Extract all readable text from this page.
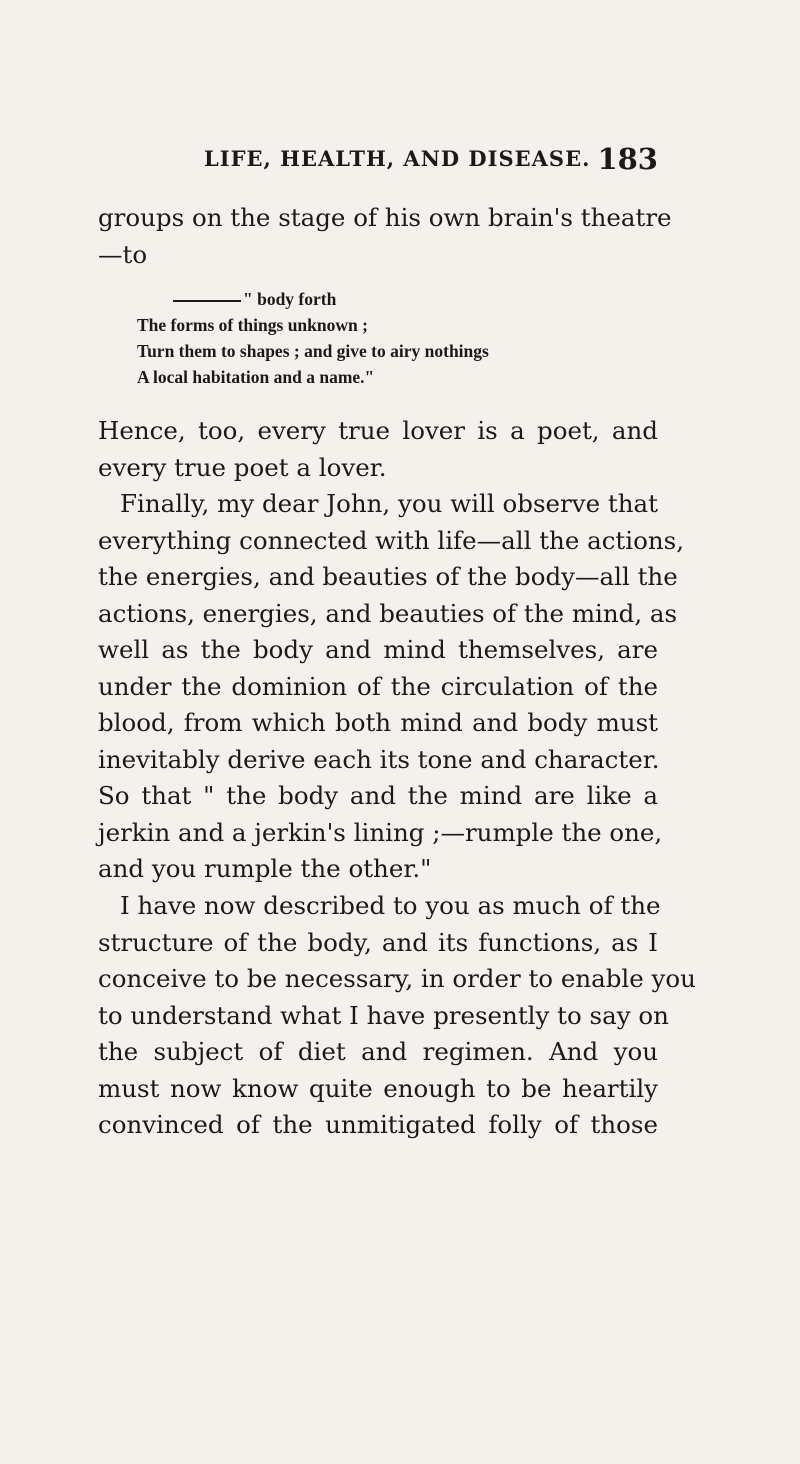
LIFE, HEALTH, AND DISEASE. 183
groups on the stage of his own brain's theatre
—to
" body forth
The forms of things unknown ;
Turn them to shapes ; and give to airy nothings
A local habitation and a name."
Hence, too, every true lover is a poet, and
every true poet a lover.
Finally, my dear John, you will observe that
everything connected with life—all the actions,
the energies, and beauties of the body—all the
actions, energies, and beauties of the mind, as
well as the body and mind themselves, are
under the dominion of the circulation of the
blood, from which both mind and body must
inevitably derive each its tone and character.
So that " the body and the mind are like a
jerkin and a jerkin's lining ;—rumple the one,
and you rumple the other."
I have now described to you as much of the
structure of the body, and its functions, as I
conceive to be necessary, in order to enable you
to understand what I have presently to say on
the subject of diet and regimen. And you
must now know quite enough to be heartily
convinced of the unmitigated folly of those
